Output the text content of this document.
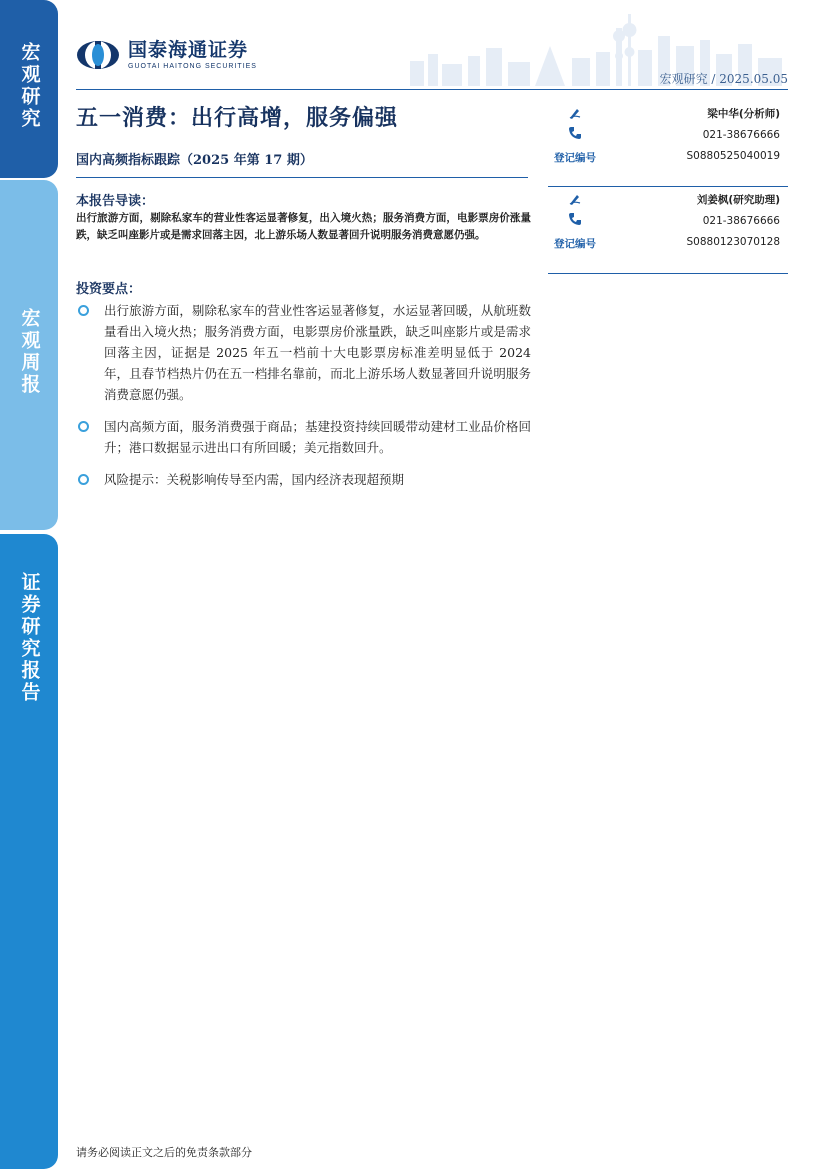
宏观研究
宏观周报
证券研究报告
国泰海通证券
GUOTAI HAITONG SECURITIES
宏观研究 / 2025.05.05
五一消费：出行高增，服务偏强
国内高频指标跟踪（2025 年第 17 期）
本报告导读：
出行旅游方面，剔除私家车的营业性客运显著修复，出入境火热；服务消费方面，电影票房价涨量跌，缺乏叫座影片或是需求回落主因，北上游乐场人数显著回升说明服务消费意愿仍强。
投资要点：
出行旅游方面，剔除私家车的营业性客运显著修复，水运显著回暖，从航班数量看出入境火热；服务消费方面，电影票房价涨量跌，缺乏叫座影片或是需求回落主因，证据是 2025 年五一档前十大电影票房标准差明显低于 2024 年，且春节档热片仍在五一档排名靠前，而北上游乐场人数显著回升说明服务消费意愿仍强。
国内高频方面，服务消费强于商品；基建投资持续回暖带动建材工业品价格回升；港口数据显示进出口有所回暖；美元指数回升。
风险提示：关税影响传导至内需，国内经济表现超预期
梁中华(分析师)
021-38676666
登记编号	S0880525040019
刘姜枫(研究助理)
021-38676666
登记编号	S0880123070128
请务必阅读正文之后的免责条款部分
